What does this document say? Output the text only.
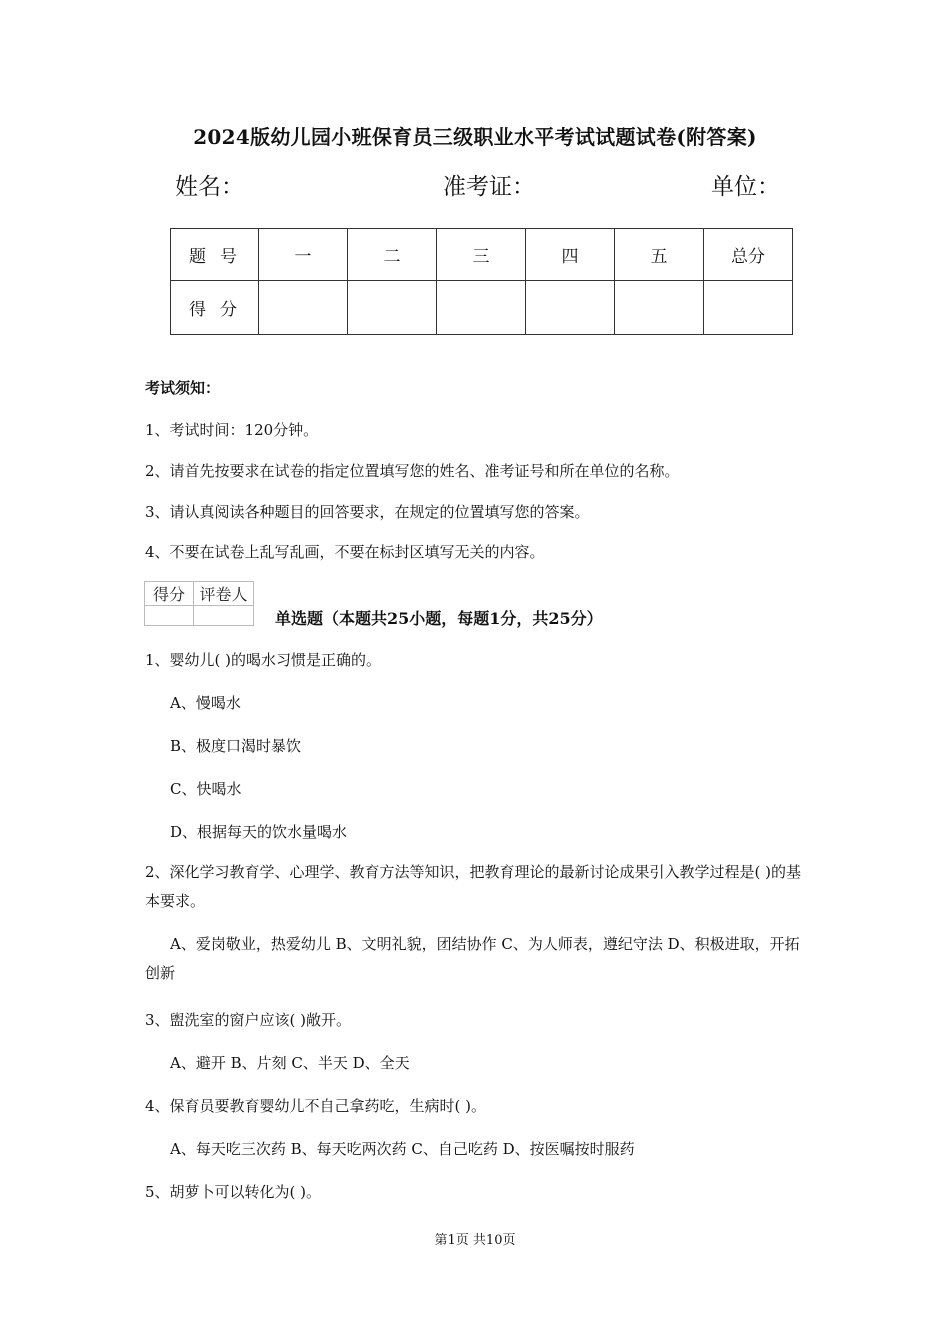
2024版幼儿园小班保育员三级职业水平考试试题试卷(附答案)
姓名：	准考证：	单位：
题号	一	二	三	四	五	总分
得分						
考试须知：
1、考试时间：120分钟。
2、请首先按要求在试卷的指定位置填写您的姓名、准考证号和所在单位的名称。
3、请认真阅读各种题目的回答要求，在规定的位置填写您的答案。
4、不要在试卷上乱写乱画，不要在标封区填写无关的内容。
得分	评卷人

单选题（本题共25小题，每题1分，共25分）
1、婴幼儿( )的喝水习惯是正确的。
A、慢喝水
B、极度口渴时暴饮
C、快喝水
D、根据每天的饮水量喝水
2、深化学习教育学、心理学、教育方法等知识，把教育理论的最新讨论成果引入教学过程是( )的基本要求。
A、爱岗敬业，热爱幼儿 B、文明礼貌，团结协作 C、为人师表，遵纪守法 D、积极进取，开拓创新
3、盥洗室的窗户应该( )敞开。
A、避开 B、片刻 C、半天 D、全天
4、保育员要教育婴幼儿不自己拿药吃，生病时( )。
A、每天吃三次药 B、每天吃两次药 C、自己吃药 D、按医嘱按时服药
5、胡萝卜可以转化为( )。
第1页 共10页
